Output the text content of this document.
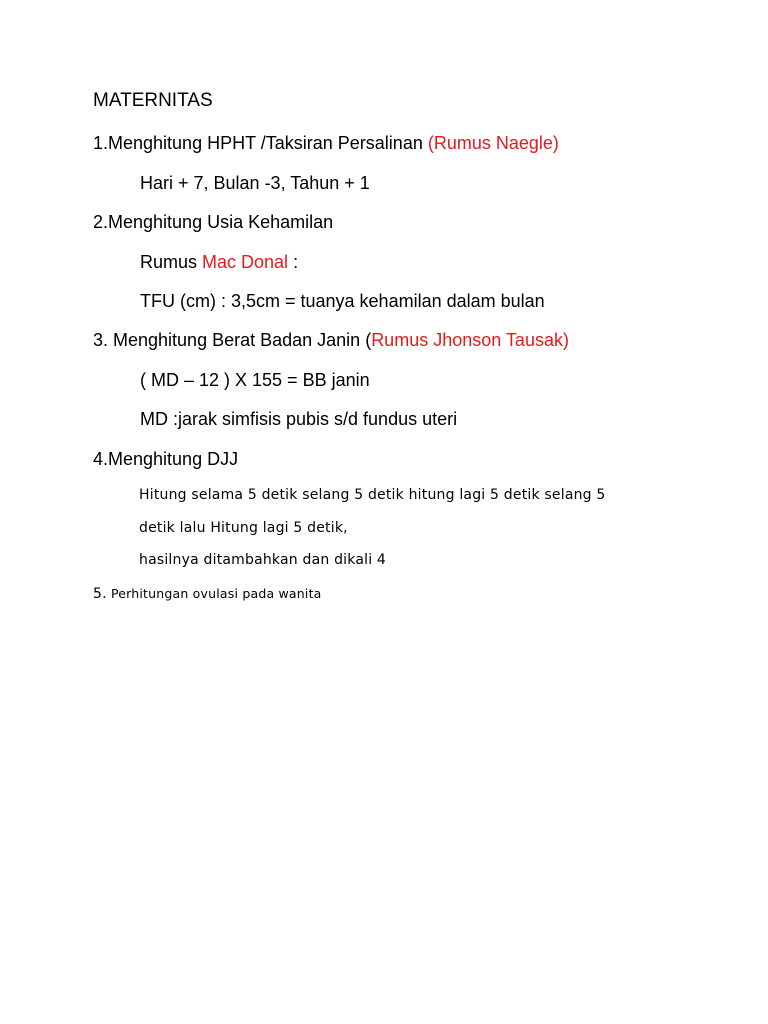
MATERNITAS
1.Menghitung HPHT /Taksiran Persalinan (Rumus Naegle)
Hari + 7, Bulan -3, Tahun + 1
2.Menghitung Usia Kehamilan
Rumus Mac Donal :
TFU (cm) : 3,5cm = tuanya kehamilan dalam bulan
3. Menghitung Berat Badan Janin (Rumus Jhonson Tausak)
( MD – 12 ) X 155 = BB janin
MD :jarak simfisis pubis s/d fundus uteri
4.Menghitung DJJ
Hitung selama 5 detik selang 5 detik hitung lagi 5 detik selang 5
detik lalu Hitung lagi 5 detik,
hasilnya ditambahkan dan dikali 4
5. Perhitungan ovulasi pada wanita
